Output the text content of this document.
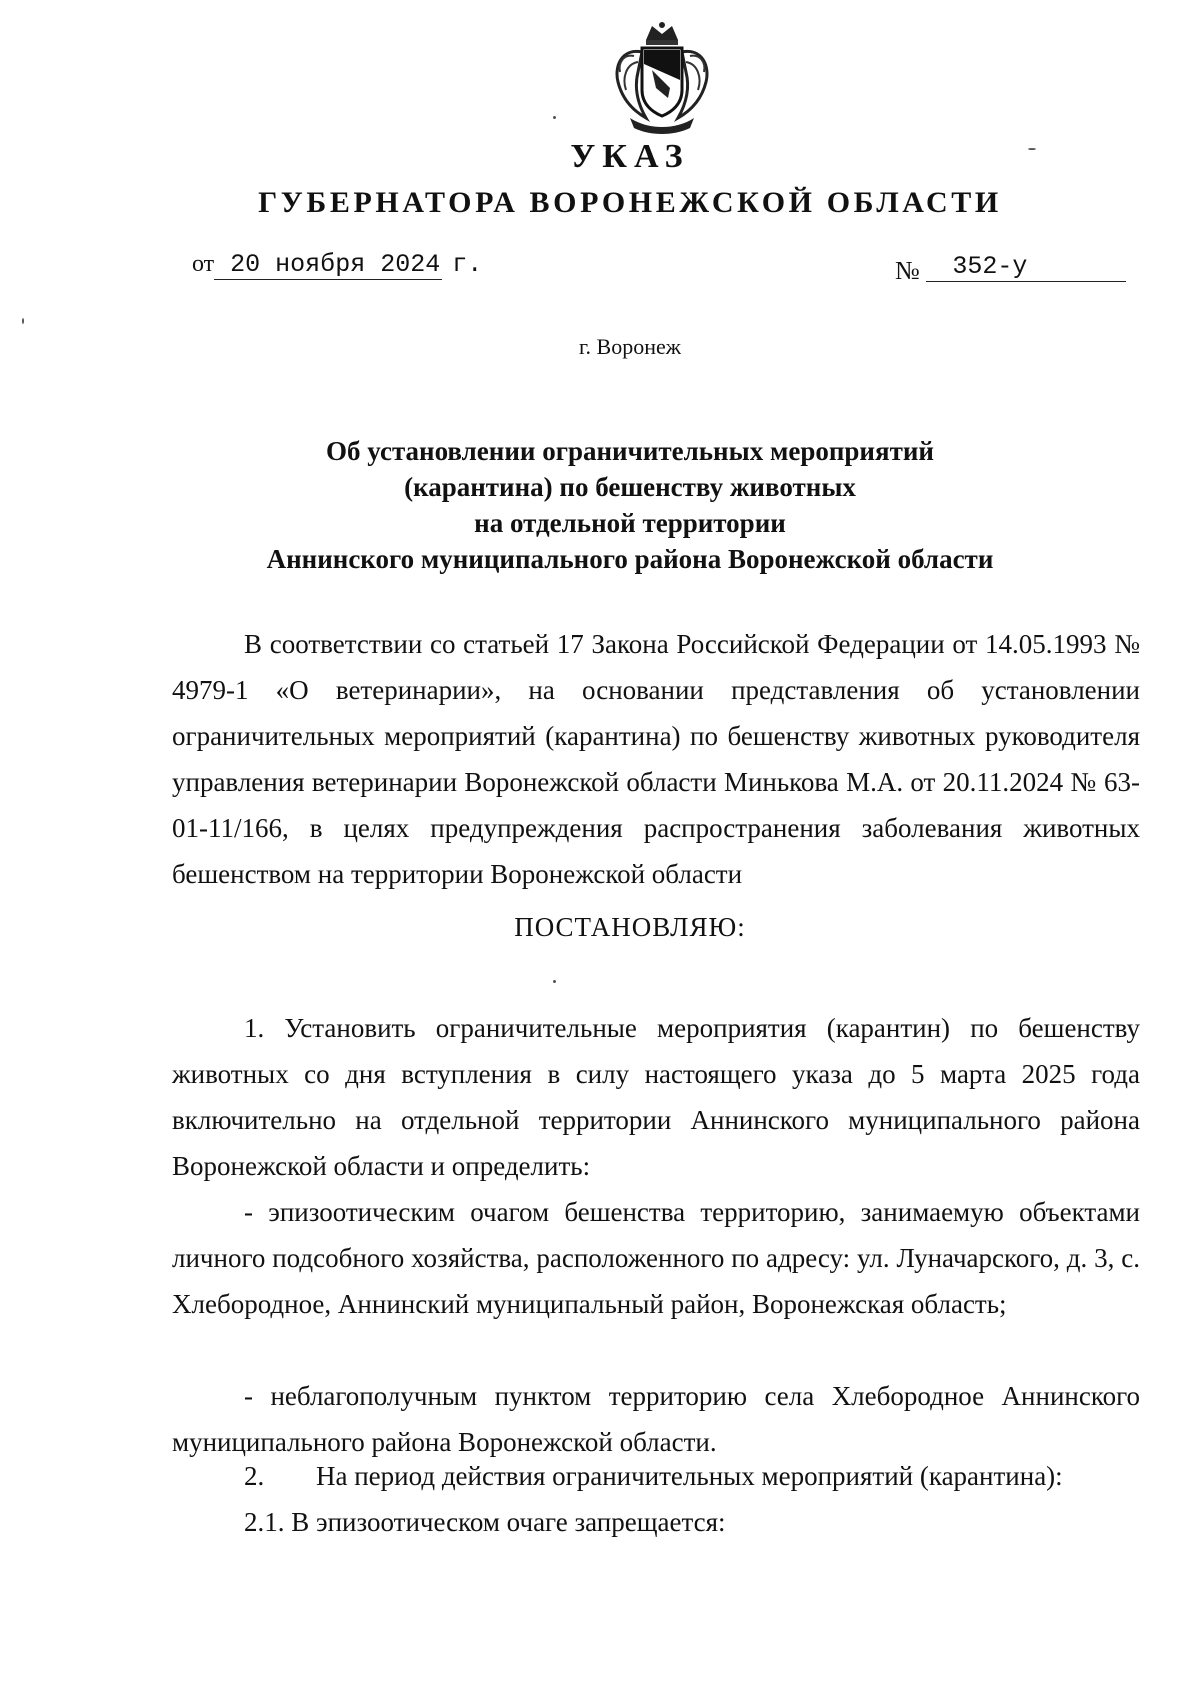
УКАЗ
ГУБЕРНАТОРА ВОРОНЕЖСКОЙ ОБЛАСТИ
от 20 ноября 2024 г.	№ 352-у
г. Воронеж
Об установлении ограничительных мероприятий
(карантина) по бешенству животных
на отдельной территории
Аннинского муниципального района Воронежской области

В соответствии со статьей 17 Закона Российской Федерации от 14.05.1993 № 4979-1 «О ветеринарии», на основании представления об установлении ограничительных мероприятий (карантина) по бешенству животных руководителя управления ветеринарии Воронежской области Минькова М.А. от 20.11.2024 № 63-01-11/166, в целях предупреждения распространения заболевания животных бешенством на территории Воронежской области

ПОСТАНОВЛЯЮ:

1. Установить ограничительные мероприятия (карантин) по бешенству животных со дня вступления в силу настоящего указа до 5 марта 2025 года включительно на отдельной территории Аннинского муниципального района Воронежской области и определить:

- эпизоотическим очагом бешенства территорию, занимаемую объектами личного подсобного хозяйства, расположенного по адресу: ул. Луначарского, д. 3, с. Хлебородное, Аннинский муниципальный район, Воронежская область;

- неблагополучным пунктом территорию села Хлебородное Аннинского муниципального района Воронежской области.

2. На период действия ограничительных мероприятий (карантина):
2.1. В эпизоотическом очаге запрещается:
